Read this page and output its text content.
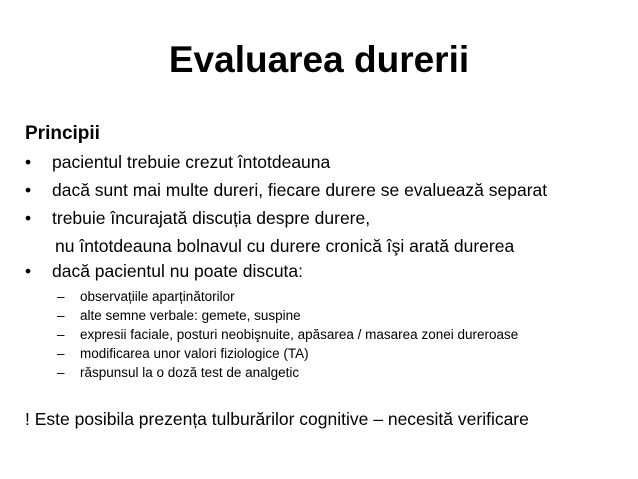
Evaluarea durerii
Principii
• pacientul trebuie crezut întotdeauna
• dacă sunt mai multe dureri, fiecare durere se evaluează separat
• trebuie încurajată discuția despre durere,
nu întotdeauna bolnavul cu durere cronică îşi arată durerea
• dacă pacientul nu poate discuta:
– observațiile aparținătorilor
– alte semne verbale: gemete, suspine
– expresii faciale, posturi neobişnuite, apăsarea / masarea zonei dureroase
– modificarea unor valori fiziologice (TA)
– răspunsul la o doză test de analgetic
! Este posibila prezența tulburărilor cognitive – necesită verificare
